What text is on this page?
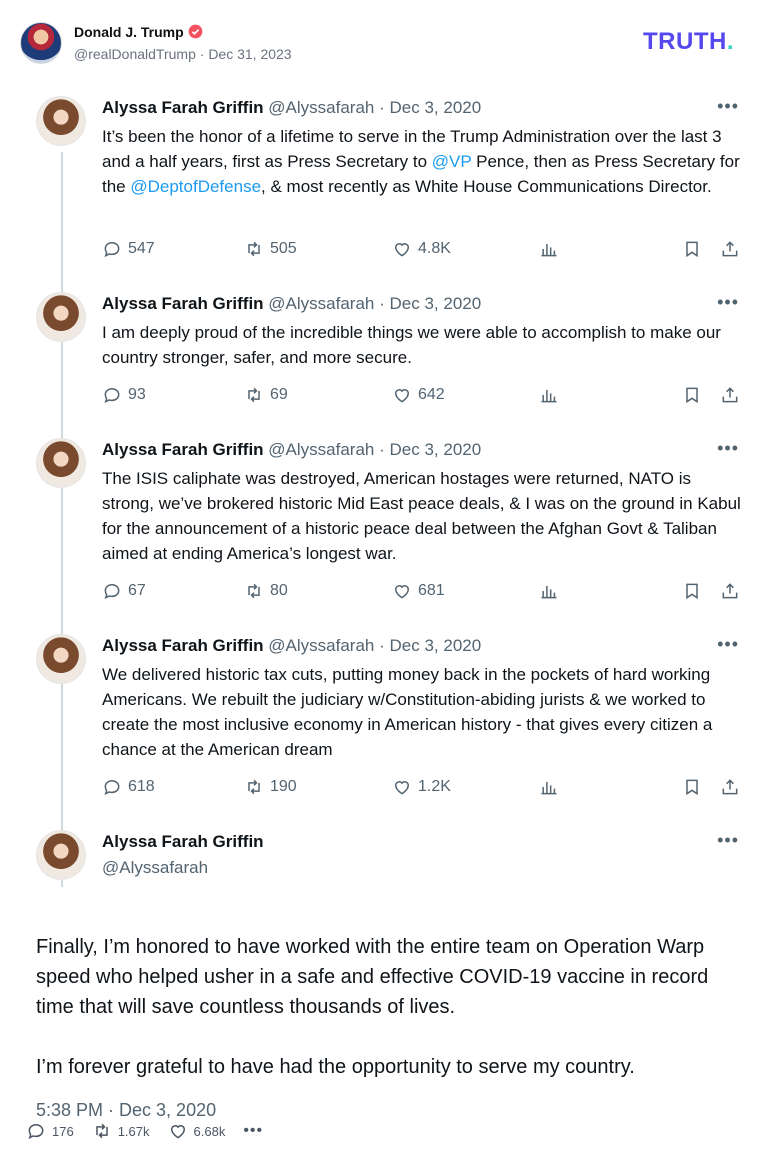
Donald J. Trump
@realDonaldTrump · Dec 31, 2023	TRUTH.
Alyssa Farah Griffin @Alyssafarah · Dec 3, 2020	•••
It’s been the honor of a lifetime to serve in the Trump Administration over the last 3 and a half years, first as Press Secretary to @VP Pence, then as Press Secretary for the @DeptofDefense, & most recently as White House Communications Director.
547	505	4.8K
Alyssa Farah Griffin @Alyssafarah · Dec 3, 2020	•••
I am deeply proud of the incredible things we were able to accomplish to make our country stronger, safer, and more secure.
93	69	642
Alyssa Farah Griffin @Alyssafarah · Dec 3, 2020	•••
The ISIS caliphate was destroyed, American hostages were returned, NATO is strong, we’ve brokered historic Mid East peace deals, & I was on the ground in Kabul for the announcement of a historic peace deal between the Afghan Govt & Taliban aimed at ending America’s longest war.
67	80	681
Alyssa Farah Griffin @Alyssafarah · Dec 3, 2020	•••
We delivered historic tax cuts, putting money back in the pockets of hard working Americans. We rebuilt the judiciary w/Constitution-abiding jurists & we worked to create the most inclusive economy in American history - that gives every citizen a chance at the American dream
618	190	1.2K
Alyssa Farah Griffin
@Alyssafarah
•••

Finally, I’m honored to have worked with the entire team on Operation Warp speed who helped usher in a safe and effective COVID-19 vaccine in record time that will save countless thousands of lives.

I’m forever grateful to have had the opportunity to serve my country.

5:38 PM · Dec 3, 2020
176	1.67k	6.68k •••
